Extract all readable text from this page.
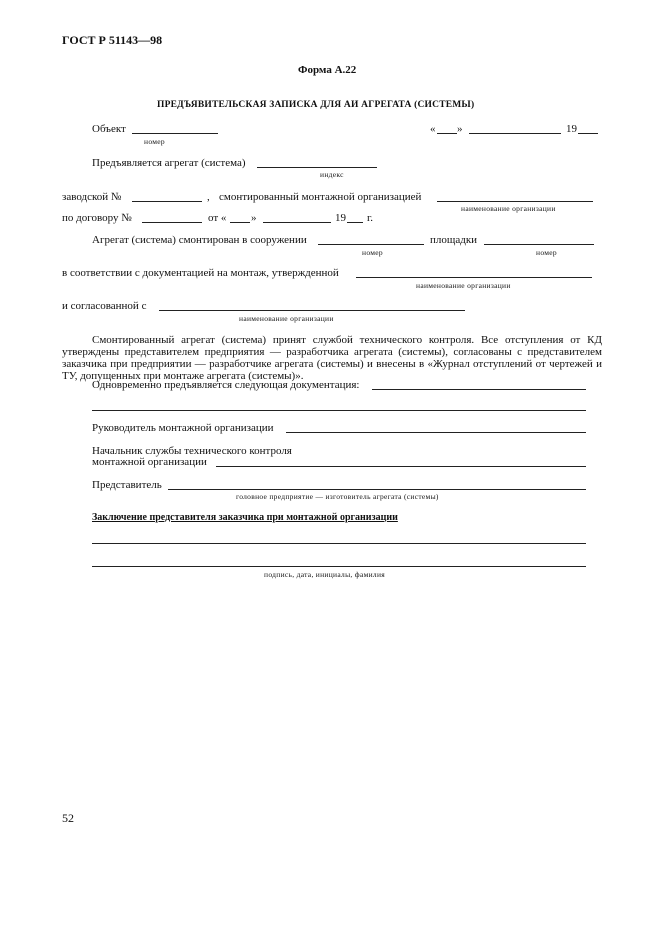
ГОСТ Р 51143—98
Форма А.22
ПРЕДЪЯВИТЕЛЬСКАЯ ЗАПИСКА ДЛЯ АИ АГРЕГАТА (СИСТЕМЫ)
Объект
номер
« »	19
Предъявляется агрегат (система)
индекс
заводской №	, смонтированный монтажной организацией
наименование организации
по договору №	от « »	19 г.
Агрегат (система) смонтирован в сооружении
номер
площадки
номер
в соответствии с документацией на монтаж, утвержденной
наименование организации
и согласованной с
наименование организации
Смонтированный агрегат (система) принят службой технического контроля. Все отступления от КД утверждены представителем предприятия — разработчика агрегата (системы), согласованы с представителем заказчика при предприятии — разработчике агрегата (системы) и внесены в «Журнал отступлений от чертежей и ТУ, допущенных при монтаже агрегата (системы)».
Одновременно предъявляется следующая документация:
Руководитель монтажной организации
Начальник службы технического контроля
монтажной организации
Представитель
головное предприятие — изготовитель агрегата (системы)
Заключение представителя заказчика при монтажной организации
подпись, дата, инициалы, фамилия
52
